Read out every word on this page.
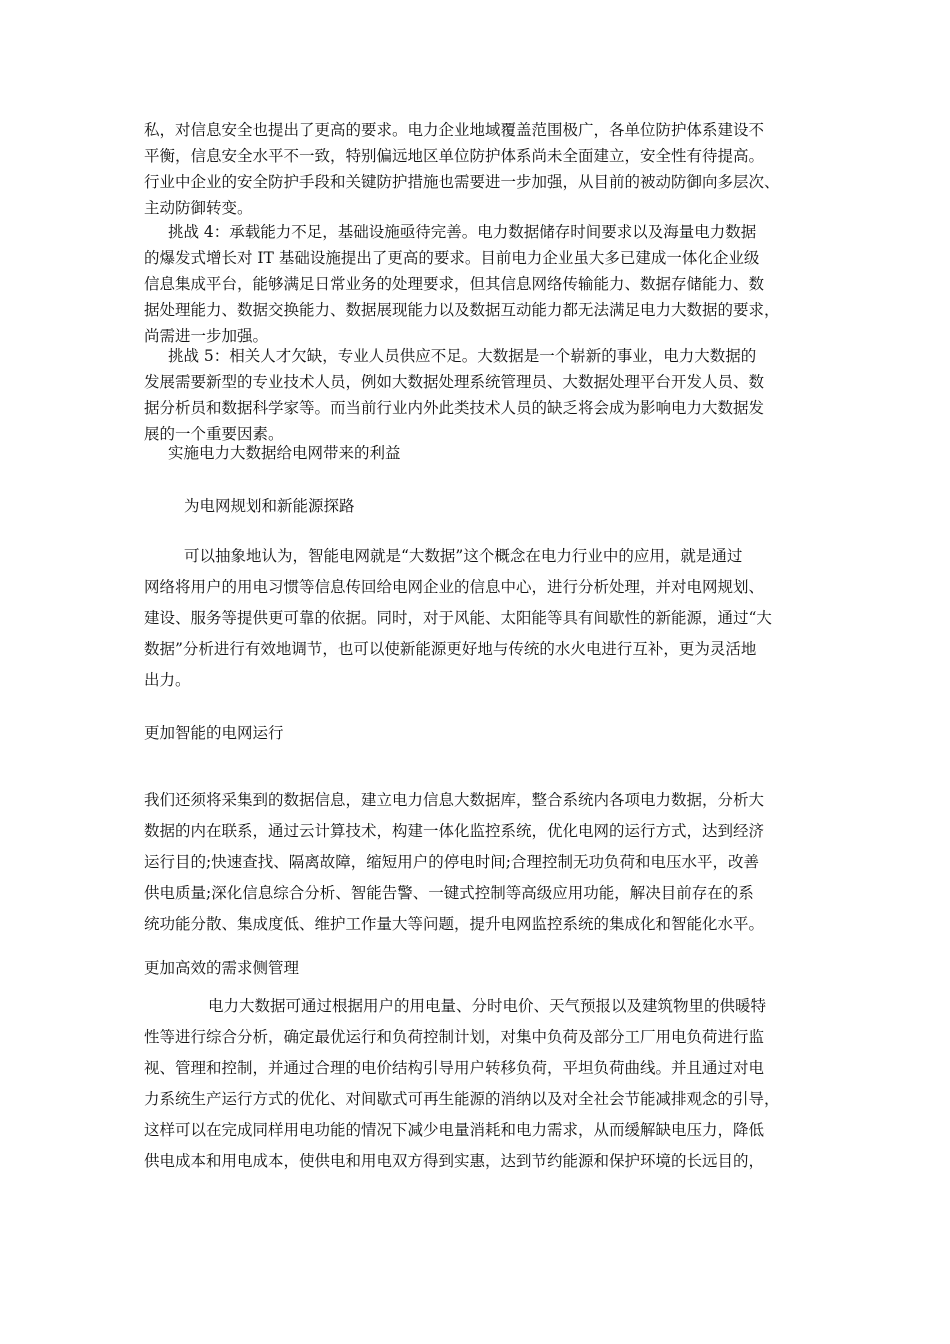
私，对信息安全也提出了更高的要求。电力企业地域覆盖范围极广，各单位防护体系建设不
平衡，信息安全水平不一致，特别偏远地区单位防护体系尚未全面建立，安全性有待提高。
行业中企业的安全防护手段和关键防护措施也需要进一步加强，从目前的被动防御向多层次、
主动防御转变。
挑战 4：承载能力不足，基础设施亟待完善。电力数据储存时间要求以及海量电力数据
的爆发式增长对 IT 基础设施提出了更高的要求。目前电力企业虽大多已建成一体化企业级
信息集成平台，能够满足日常业务的处理要求，但其信息网络传输能力、数据存储能力、数
据处理能力、数据交换能力、数据展现能力以及数据互动能力都无法满足电力大数据的要求，
尚需进一步加强。
挑战 5：相关人才欠缺，专业人员供应不足。大数据是一个崭新的事业，电力大数据的
发展需要新型的专业技术人员，例如大数据处理系统管理员、大数据处理平台开发人员、数
据分析员和数据科学家等。而当前行业内外此类技术人员的缺乏将会成为影响电力大数据发
展的一个重要因素。
实施电力大数据给电网带来的利益
为电网规划和新能源探路
可以抽象地认为，智能电网就是“大数据”这个概念在电力行业中的应用，就是通过
网络将用户的用电习惯等信息传回给电网企业的信息中心，进行分析处理，并对电网规划、
建设、服务等提供更可靠的依据。同时，对于风能、太阳能等具有间歇性的新能源，通过“大
数据”分析进行有效地调节，也可以使新能源更好地与传统的水火电进行互补，更为灵活地
出力。
更加智能的电网运行
我们还须将采集到的数据信息，建立电力信息大数据库，整合系统内各项电力数据，分析大
数据的内在联系，通过云计算技术，构建一体化监控系统，优化电网的运行方式，达到经济
运行目的;快速查找、隔离故障，缩短用户的停电时间;合理控制无功负荷和电压水平，改善
供电质量;深化信息综合分析、智能告警、一键式控制等高级应用功能，解决目前存在的系
统功能分散、集成度低、维护工作量大等问题，提升电网监控系统的集成化和智能化水平。
更加高效的需求侧管理
电力大数据可通过根据用户的用电量、分时电价、天气预报以及建筑物里的供暖特
性等进行综合分析，确定最优运行和负荷控制计划，对集中负荷及部分工厂用电负荷进行监
视、管理和控制，并通过合理的电价结构引导用户转移负荷，平坦负荷曲线。并且通过对电
力系统生产运行方式的优化、对间歇式可再生能源的消纳以及对全社会节能减排观念的引导，
这样可以在完成同样用电功能的情况下减少电量消耗和电力需求，从而缓解缺电压力，降低
供电成本和用电成本，使供电和用电双方得到实惠，达到节约能源和保护环境的长远目的，
